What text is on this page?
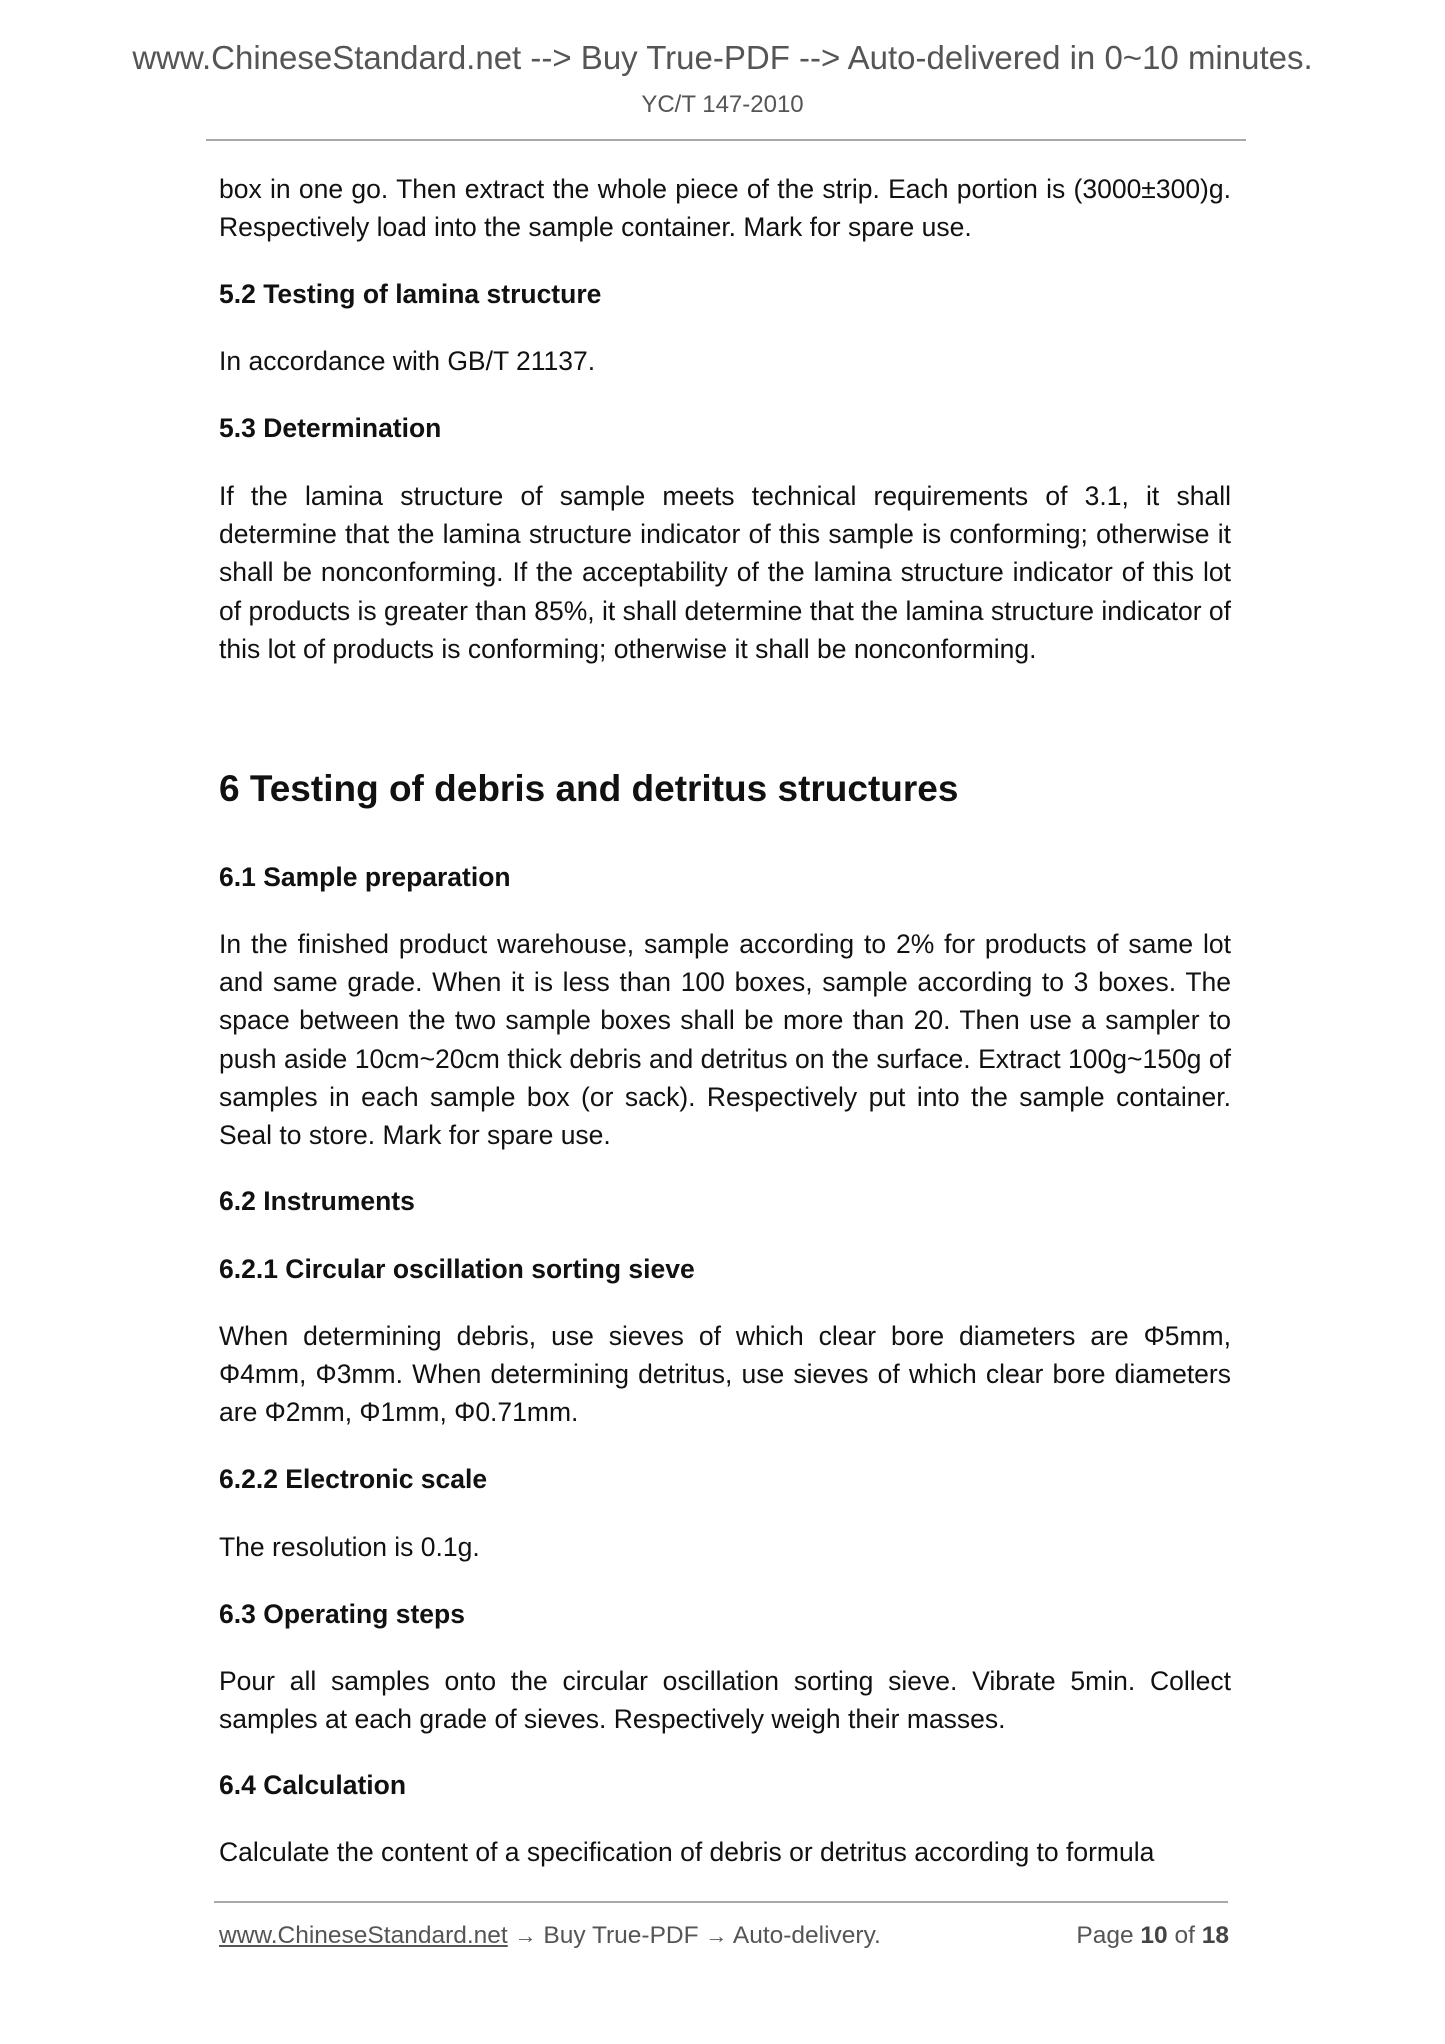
www.ChineseStandard.net --> Buy True-PDF --> Auto-delivered in 0~10 minutes.
YC/T 147-2010

box in one go. Then extract the whole piece of the strip. Each portion is (3000±300)g. Respectively load into the sample container. Mark for spare use.

5.2 Testing of lamina structure

In accordance with GB/T 21137.

5.3 Determination

If the lamina structure of sample meets technical requirements of 3.1, it shall determine that the lamina structure indicator of this sample is conforming; otherwise it shall be nonconforming. If the acceptability of the lamina structure indicator of this lot of products is greater than 85%, it shall determine that the lamina structure indicator of this lot of products is conforming; otherwise it shall be nonconforming.

6 Testing of debris and detritus structures
6.1 Sample preparation

In the finished product warehouse, sample according to 2% for products of same lot and same grade. When it is less than 100 boxes, sample according to 3 boxes. The space between the two sample boxes shall be more than 20. Then use a sampler to push aside 10cm~20cm thick debris and detritus on the surface. Extract 100g~150g of samples in each sample box (or sack). Respectively put into the sample container. Seal to store. Mark for spare use.

6.2 Instruments
6.2.1 Circular oscillation sorting sieve

When determining debris, use sieves of which clear bore diameters are Φ5mm, Φ4mm, Φ3mm. When determining detritus, use sieves of which clear bore diameters are Φ2mm, Φ1mm, Φ0.71mm.

6.2.2 Electronic scale

The resolution is 0.1g.

6.3 Operating steps

Pour all samples onto the circular oscillation sorting sieve. Vibrate 5min. Collect samples at each grade of sieves. Respectively weigh their masses.

6.4 Calculation

Calculate the content of a specification of debris or detritus according to formula

www.ChineseStandard.net → Buy True-PDF → Auto-delivery.	Page 10 of 18
